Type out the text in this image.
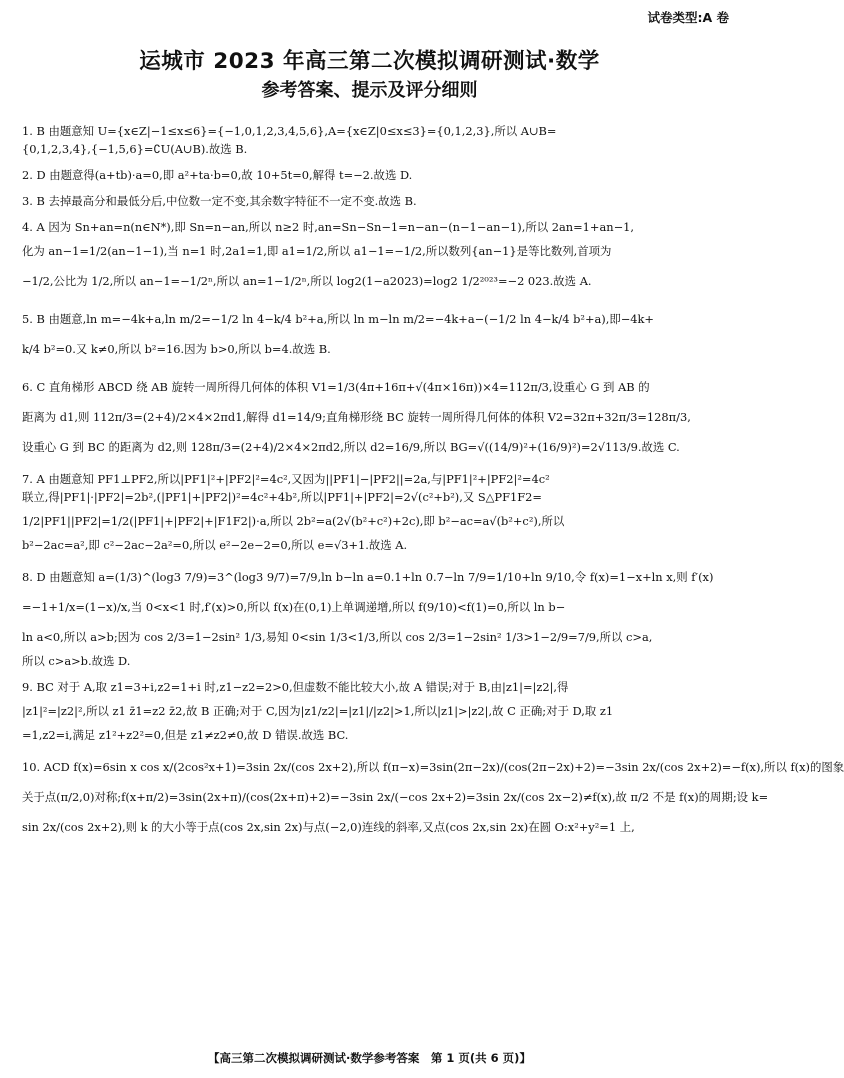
试卷类型:A 卷
运城市 2023 年高三第二次模拟调研测试·数学
参考答案、提示及评分细则
1. B 由题意知 U={x∈Z|−1≤x≤6}={−1,0,1,2,3,4,5,6},A={x∈Z|0≤x≤3}={0,1,2,3},所以 A∪B=
{0,1,2,3,4},{−1,5,6}=∁U(A∪B).故选 B.
2. D 由题意得(a+tb)·a=0,即 a²+ta·b=0,故 10+5t=0,解得 t=−2.故选 D.
3. B 去掉最高分和最低分后,中位数一定不变,其余数字特征不一定不变.故选 B.
4. A 因为 Sn+an=n(n∈N*),即 Sn=n−an,所以 n≥2 时,an=Sn−Sn−1=n−an−(n−1−an−1),所以 2an=1+an−1,
化为 an−1=1/2(an−1−1),当 n=1 时,2a1=1,即 a1=1/2,所以 a1−1=−1/2,所以数列{an−1}是等比数列,首项为
−1/2,公比为 1/2,所以 an−1=−1/2ⁿ,所以 an=1−1/2ⁿ,所以 log2(1−a2023)=log2 1/2²⁰²³=−2 023.故选 A.
5. B 由题意,ln m=−4k+a,ln m/2=−1/2 ln 4−k/4 b²+a,所以 ln m−ln m/2=−4k+a−(−1/2 ln 4−k/4 b²+a),即−4k+
k/4 b²=0.又 k≠0,所以 b²=16.因为 b>0,所以 b=4.故选 B.
6. C 直角梯形 ABCD 绕 AB 旋转一周所得几何体的体积 V1=1/3(4π+16π+√(4π×16π))×4=112π/3,设重心 G 到 AB 的
距离为 d1,则 112π/3=(2+4)/2×4×2πd1,解得 d1=14/9;直角梯形绕 BC 旋转一周所得几何体的体积 V2=32π+32π/3=128π/3,
设重心 G 到 BC 的距离为 d2,则 128π/3=(2+4)/2×4×2πd2,所以 d2=16/9,所以 BG=√((14/9)²+(16/9)²)=2√113/9.故选 C.
7. A 由题意知 PF1⊥PF2,所以|PF1|²+|PF2|²=4c²,又因为||PF1|−|PF2||=2a,与|PF1|²+|PF2|²=4c²
联立,得|PF1|·|PF2|=2b²,(|PF1|+|PF2|)²=4c²+4b²,所以|PF1|+|PF2|=2√(c²+b²),又 S△PF1F2=
1/2|PF1||PF2|=1/2(|PF1|+|PF2|+|F1F2|)·a,所以 2b²=a(2√(b²+c²)+2c),即 b²−ac=a√(b²+c²),所以
b²−2ac=a²,即 c²−2ac−2a²=0,所以 e²−2e−2=0,所以 e=√3+1.故选 A.
8. D 由题意知 a=(1/3)^(log3 7/9)=3^(log3 9/7)=7/9,ln b−ln a=0.1+ln 0.7−ln 7/9=1/10+ln 9/10,令 f(x)=1−x+ln x,则 f′(x)
=−1+1/x=(1−x)/x,当 0<x<1 时,f′(x)>0,所以 f(x)在(0,1)上单调递增,所以 f(9/10)<f(1)=0,所以 ln b−
ln a<0,所以 a>b;因为 cos 2/3=1−2sin² 1/3,易知 0<sin 1/3<1/3,所以 cos 2/3=1−2sin² 1/3>1−2/9=7/9,所以 c>a,
所以 c>a>b.故选 D.
9. BC 对于 A,取 z1=3+i,z2=1+i 时,z1−z2=2>0,但虚数不能比较大小,故 A 错误;对于 B,由|z1|=|z2|,得
|z1|²=|z2|²,所以 z1 z̄1=z2 z̄2,故 B 正确;对于 C,因为|z1/z2|=|z1|/|z2|>1,所以|z1|>|z2|,故 C 正确;对于 D,取 z1
=1,z2=i,满足 z1²+z2²=0,但是 z1≠z2≠0,故 D 错误.故选 BC.
10. ACD f(x)=6sin x cos x/(2cos²x+1)=3sin 2x/(cos 2x+2),所以 f(π−x)=3sin(2π−2x)/(cos(2π−2x)+2)=−3sin 2x/(cos 2x+2)=−f(x),所以 f(x)的图象
关于点(π/2,0)对称;f(x+π/2)=3sin(2x+π)/(cos(2x+π)+2)=−3sin 2x/(−cos 2x+2)=3sin 2x/(cos 2x−2)≠f(x),故 π/2 不是 f(x)的周期;设 k=
sin 2x/(cos 2x+2),则 k 的大小等于点(cos 2x,sin 2x)与点(−2,0)连线的斜率,又点(cos 2x,sin 2x)在圆 O:x²+y²=1 上,
【高三第二次模拟调研测试·数学参考答案　第 1 页(共 6 页)】
